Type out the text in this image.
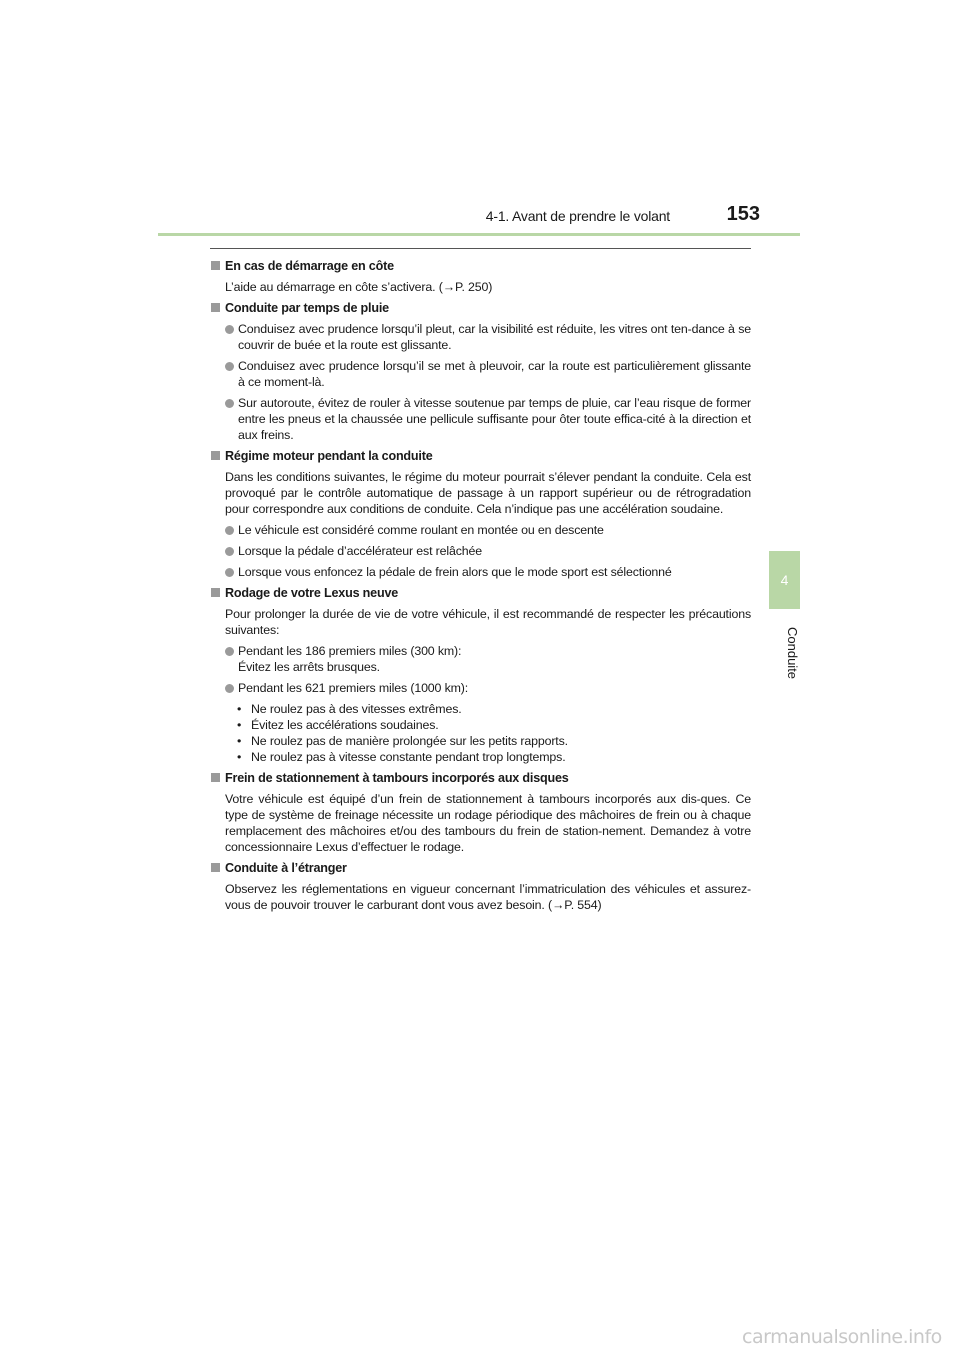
4-1. Avant de prendre le volant	153
4
Conduite
En cas de démarrage en côte
L’aide au démarrage en côte s’activera. (→P. 250)
Conduite par temps de pluie
Conduisez avec prudence lorsqu’il pleut, car la visibilité est réduite, les vitres ont ten-dance à se couvrir de buée et la route est glissante.
Conduisez avec prudence lorsqu’il se met à pleuvoir, car la route est particulièrement glissante à ce moment-là.
Sur autoroute, évitez de rouler à vitesse soutenue par temps de pluie, car l’eau risque de former entre les pneus et la chaussée une pellicule suffisante pour ôter toute effica-cité à la direction et aux freins.
Régime moteur pendant la conduite
Dans les conditions suivantes, le régime du moteur pourrait s’élever pendant la conduite. Cela est provoqué par le contrôle automatique de passage à un rapport supérieur ou de rétrogradation pour correspondre aux conditions de conduite. Cela n’indique pas une accélération soudaine.
Le véhicule est considéré comme roulant en montée ou en descente
Lorsque la pédale d’accélérateur est relâchée
Lorsque vous enfoncez la pédale de frein alors que le mode sport est sélectionné
Rodage de votre Lexus neuve
Pour prolonger la durée de vie de votre véhicule, il est recommandé de respecter les précautions suivantes:
Pendant les 186 premiers miles (300 km):
Évitez les arrêts brusques.
Pendant les 621 premiers miles (1000 km):
• Ne roulez pas à des vitesses extrêmes.
• Évitez les accélérations soudaines.
• Ne roulez pas de manière prolongée sur les petits rapports.
• Ne roulez pas à vitesse constante pendant trop longtemps.
Frein de stationnement à tambours incorporés aux disques
Votre véhicule est équipé d’un frein de stationnement à tambours incorporés aux dis-ques. Ce type de système de freinage nécessite un rodage périodique des mâchoires de frein ou à chaque remplacement des mâchoires et/ou des tambours du frein de station-nement. Demandez à votre concessionnaire Lexus d’effectuer le rodage.
Conduite à l’étranger
Observez les réglementations en vigueur concernant l’immatriculation des véhicules et assurez-vous de pouvoir trouver le carburant dont vous avez besoin. (→P. 554)
carmanualsonline.info
